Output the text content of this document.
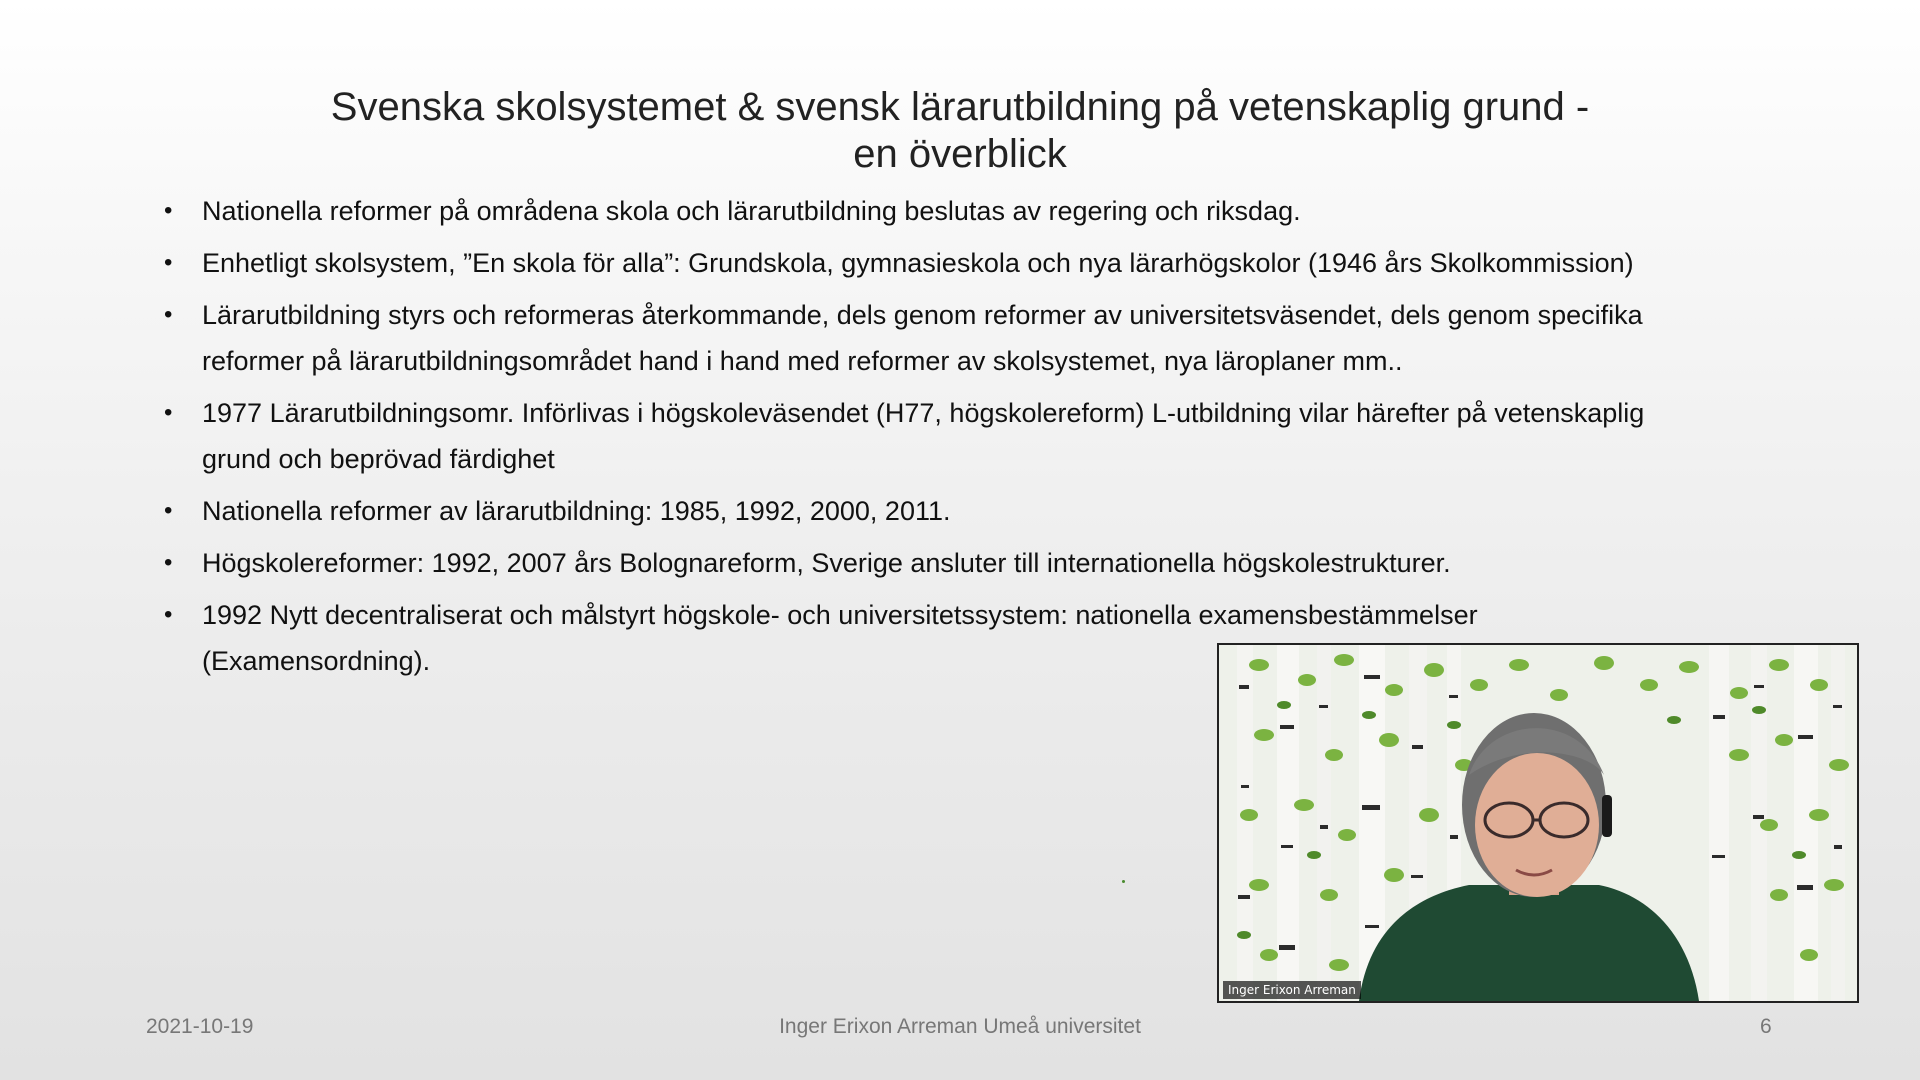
Svenska skolsystemet & svensk lärarutbildning på vetenskaplig grund -
en överblick
• Nationella reformer på områdena skola och lärarutbildning beslutas av regering och riksdag.
• Enhetligt skolsystem, ”En skola för alla”: Grundskola, gymnasieskola och nya lärarhögskolor (1946 års Skolkommission)
• Lärarutbildning styrs och reformeras återkommande, dels genom reformer av universitetsväsendet, dels genom specifika
reformer på lärarutbildningsområdet hand i hand med reformer av skolsystemet, nya läroplaner mm..
• 1977 Lärarutbildningsomr. Införlivas i högskoleväsendet (H77, högskolereform) L-utbildning vilar härefter på vetenskaplig
grund och beprövad färdighet
• Nationella reformer av lärarutbildning: 1985, 1992, 2000, 2011.
• Högskolereformer: 1992, 2007 års Bolognareform, Sverige ansluter till internationella högskolestrukturer.
• 1992 Nytt decentraliserat och målstyrt högskole- och universitetssystem: nationella examensbestämmelser
(Examensordning).
Inger Erixon Arreman
2021-10-19	Inger Erixon Arreman Umeå universitet	6
